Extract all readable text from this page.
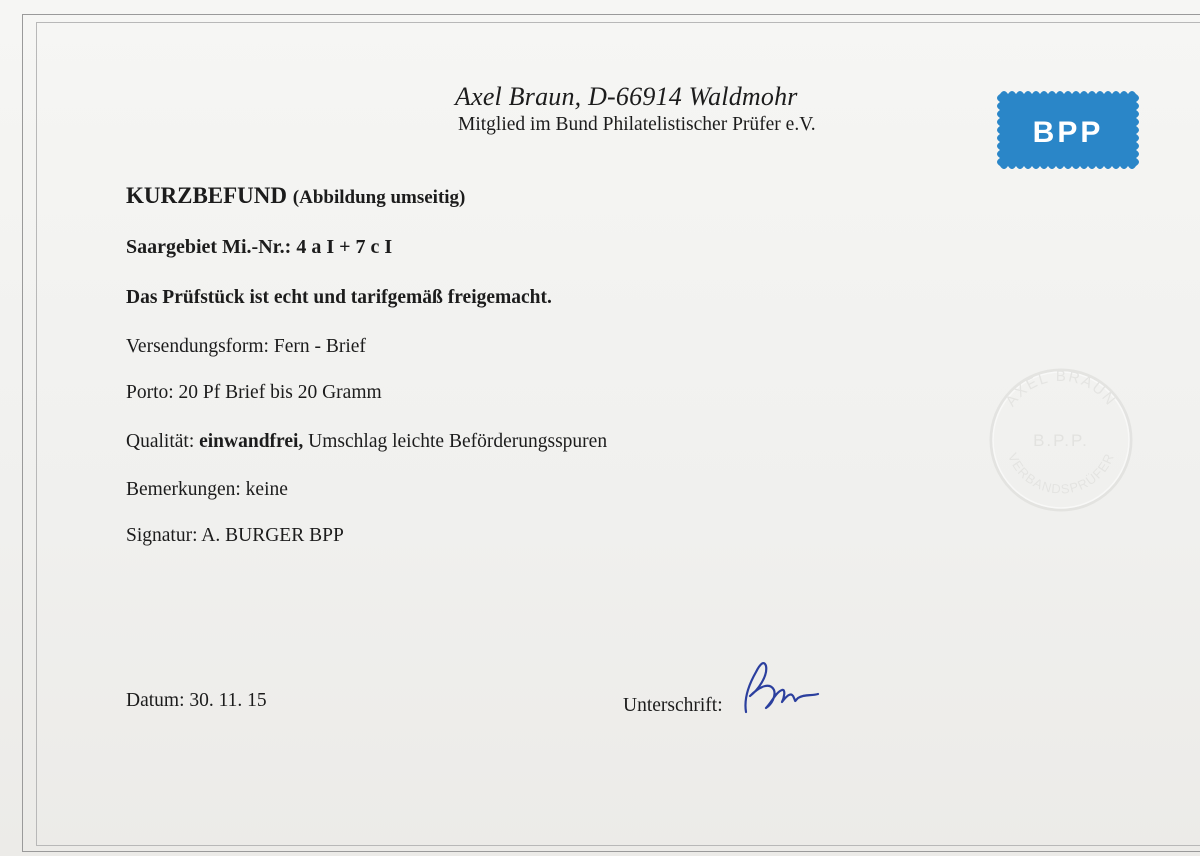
Axel Braun, D-66914 Waldmohr
Mitglied im Bund Philatelistischer Prüfer e.V.	BPP
KURZBEFUND (Abbildung umseitig)
Saargebiet Mi.-Nr.: 4 a I + 7 c I
Das Prüfstück ist echt und tarifgemäß freigemacht.
Versendungsform: Fern - Brief
Porto: 20 Pf Brief bis 20 Gramm
Qualität: einwandfrei, Umschlag leichte Beförderungsspuren
Bemerkungen: keine
Signatur: A. BURGER BPP
Datum: 30. 11. 15	Unterschrift:
AXEL BRAUN
B.P.P.
VERBANDSPRÜFER
